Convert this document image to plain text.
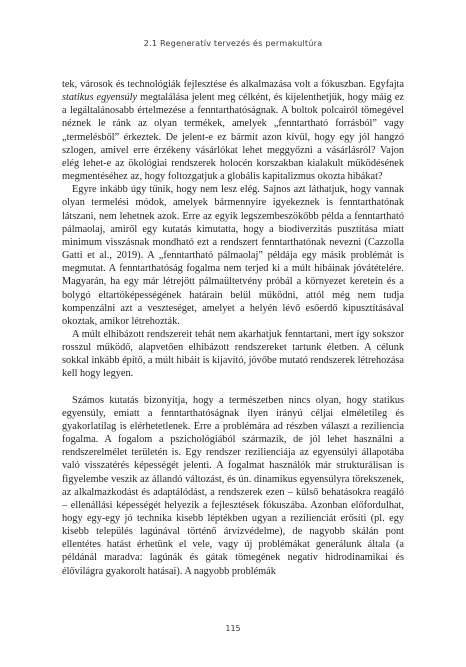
2.1 Regeneratív tervezés és permakultúra

tek, városok és technológiák fejlesztése és alkalmazása volt a fókuszban. Egyfajta statikus egyensúly megtalálása jelent meg célként, és kijelenthetjük, hogy máig ez a legáltalánosabb értelmezése a fenntarthatóságnak. A boltok polcairól tömegével néznek le ránk az olyan termékek, amelyek „fenntartható forrásból” vagy „termelésből” érkeztek. De jelent-e ez bármit azon kívül, hogy egy jól hangzó szlogen, amivel erre érzékeny vásárlókat lehet meggyőzni a vásárlásról? Vajon elég lehet-e az ökológiai rendszerek holocén korszakban kialakult működésének megmentéséhez az, hogy foltozgatjuk a globális kapitalizmus okozta hibákat?

Egyre inkább úgy tűnik, hogy nem lesz elég. Sajnos azt láthatjuk, hogy vannak olyan termelési módok, amelyek bármennyire igyekeznek is fenntarthatónak látszani, nem lehetnek azok. Erre az egyik legszembeszökőbb példa a fenntartható pálmaolaj, amiről egy kutatás kimutatta, hogy a biodiverzitás pusztítása miatt minimum visszásnak mondható ezt a rendszert fenntarthatónak nevezni (Cazzolla Gatti et al., 2019). A „fenntartható pálmaolaj” példája egy másik problémát is megmutat. A fenntarthatóság fogalma nem terjed ki a múlt hibáinak jóvátételére. Magyarán, ha egy már létrejött pálmaültetvény próbál a környezet keretein és a bolygó eltartóképességének határain belül működni, attól még nem tudja kompenzálni azt a veszteséget, amelyet a helyén lévő esőerdő kipusztításával okoztak, amikor létrehozták.

A múlt elhibázott rendszereit tehát nem akarhatjuk fenntartani, mert így sokszor rosszul működő, alapvetően elhibázott rendszereket tartunk életben. A célunk sokkal inkább építő, a múlt hibáit is kijavító, jövőbe mutató rendszerek létrehozása kell hogy legyen.

Számos kutatás bizonyítja, hogy a természetben nincs olyan, hogy statikus egyensúly, emiatt a fenntarthatóságnak ilyen irányú céljai elméletileg és gyakorlatilag is elérhetetlenek. Erre a problémára ad részben választ a reziliencia fogalma. A fogalom a pszichológiából származik, de jól lehet használni a rendszerelmélet területén is. Egy rendszer rezilienciája az egyensúlyi állapotába való visszatérés képességét jelenti. A fogalmat használók már strukturálisan is figyelembe veszik az állandó változást, és ún. dinamikus egyensúlyra törekszenek, az alkalmazkodást és adaptálódást, a rendszerek ezen – külső behatásokra reagáló – ellenállási képességét helyezik a fejlesztések fókuszába. Azonban előfordulhat, hogy egy-egy jó technika kisebb léptékben ugyan a rezilienciát erősíti (pl. egy kisebb település lagúnával történő árvízvédelme), de nagyobb skálán pont ellentétes hatást érhetünk el vele, vagy új problémákat generálunk általa (a példánál maradva: lagúnák és gátak tömegének negatív hidrodinamikai és élővilágra gyakorolt hatásai). A nagyobb problémák

115
